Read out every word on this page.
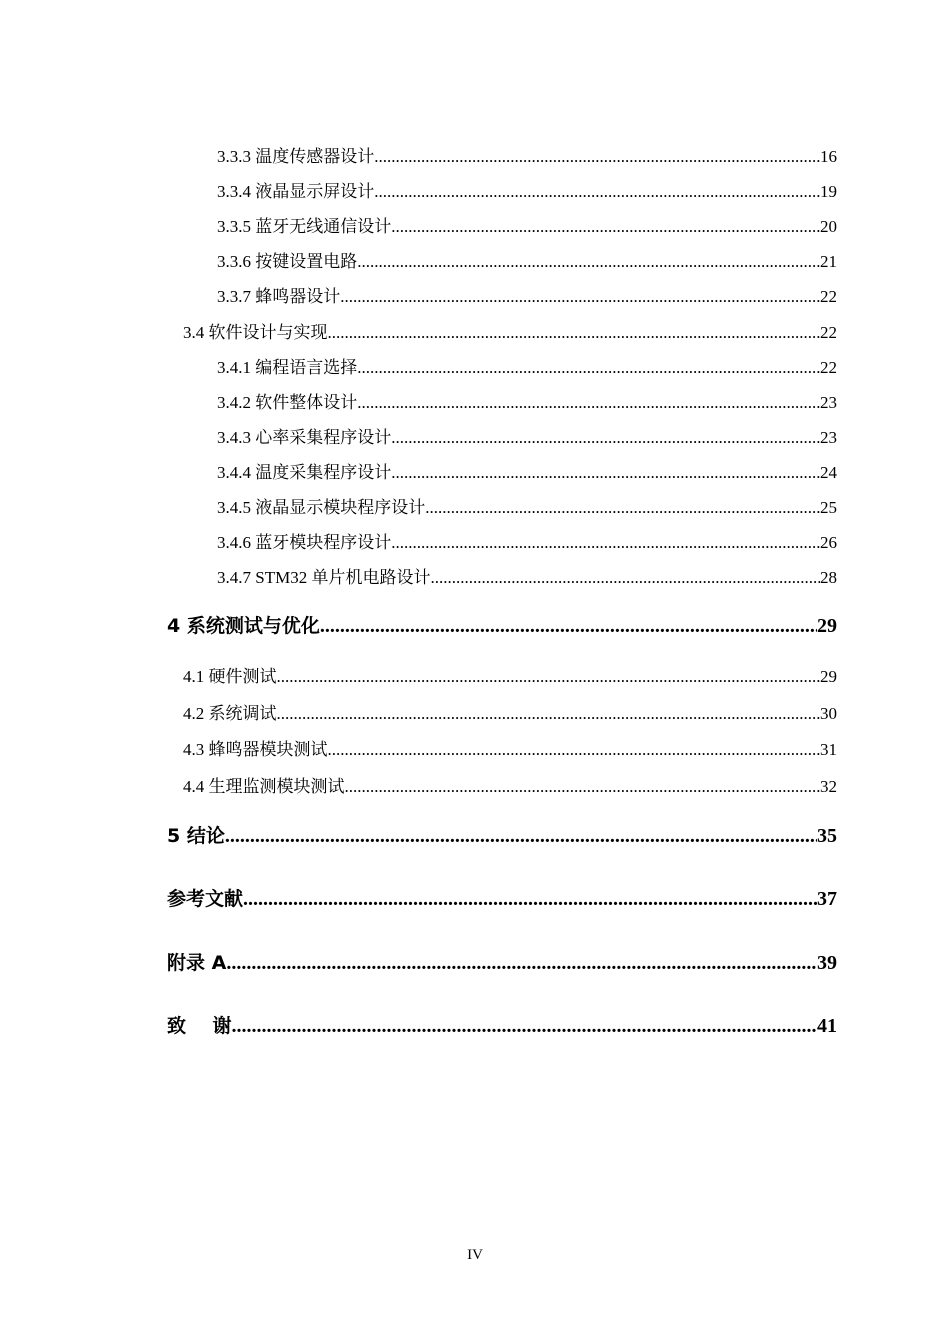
3.3.3 温度传感器设计 .....	16
3.3.4 液晶显示屏设计 .....	19
3.3.5 蓝牙无线通信设计 .....	20
3.3.6 按键设置电路 .....	21
3.3.7 蜂鸣器设计 .....	22
3.4 软件设计与实现 .....	22
3.4.1 编程语言选择 .....	22
3.4.2 软件整体设计 .....	23
3.4.3 心率采集程序设计 .....	23
3.4.4 温度采集程序设计 .....	24
3.4.5 液晶显示模块程序设计 .....	25
3.4.6 蓝牙模块程序设计 .....	26
3.4.7 STM32 单片机电路设计 .....	28
4 系统测试与优化 .....	29
4.1 硬件测试 .....	29
4.2 系统调试 .....	30
4.3 蜂鸣器模块测试 .....	31
4.4 生理监测模块测试 .....	32
5 结论 .....	35
参考文献 .....	37
附录 A .....	39
致    谢 .....	41
IV
